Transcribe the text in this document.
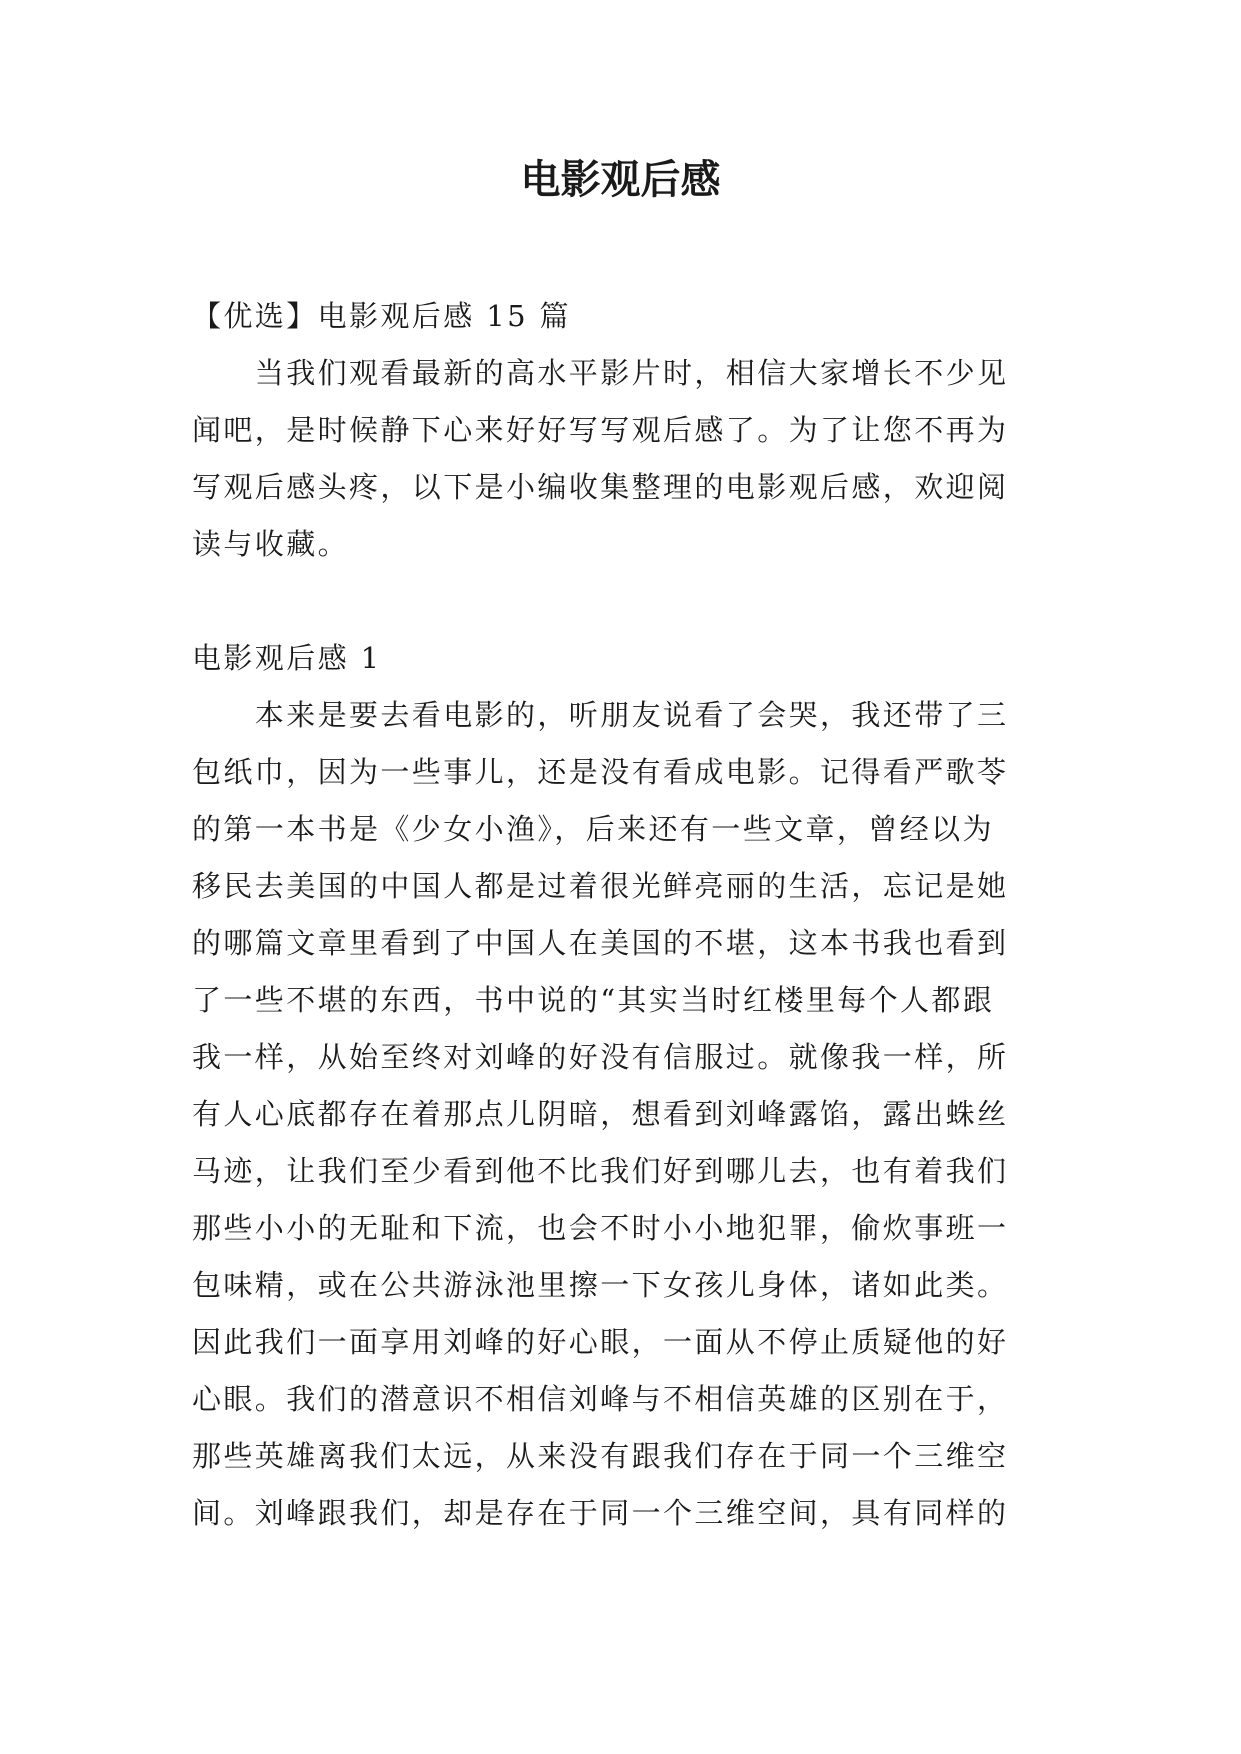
电影观后感
【优选】电影观后感 15 篇
　　当我们观看最新的高水平影片时，相信大家增长不少见
闻吧，是时候静下心来好好写写观后感了。为了让您不再为
写观后感头疼，以下是小编收集整理的电影观后感，欢迎阅
读与收藏。
电影观后感 1
　　本来是要去看电影的，听朋友说看了会哭，我还带了三
包纸巾，因为一些事儿，还是没有看成电影。记得看严歌苓
的第一本书是《少女小渔》，后来还有一些文章，曾经以为
移民去美国的中国人都是过着很光鲜亮丽的生活，忘记是她
的哪篇文章里看到了中国人在美国的不堪，这本书我也看到
了一些不堪的东西，书中说的“其实当时红楼里每个人都跟
我一样，从始至终对刘峰的好没有信服过。就像我一样，所
有人心底都存在着那点儿阴暗，想看到刘峰露馅，露出蛛丝
马迹，让我们至少看到他不比我们好到哪儿去，也有着我们
那些小小的无耻和下流，也会不时小小地犯罪，偷炊事班一
包味精，或在公共游泳池里擦一下女孩儿身体，诸如此类。
因此我们一面享用刘峰的好心眼，一面从不停止质疑他的好
心眼。我们的潜意识不相信刘峰与不相信英雄的区别在于，
那些英雄离我们太远，从来没有跟我们存在于同一个三维空
间。刘峰跟我们，却是存在于同一个三维空间，具有同样的
